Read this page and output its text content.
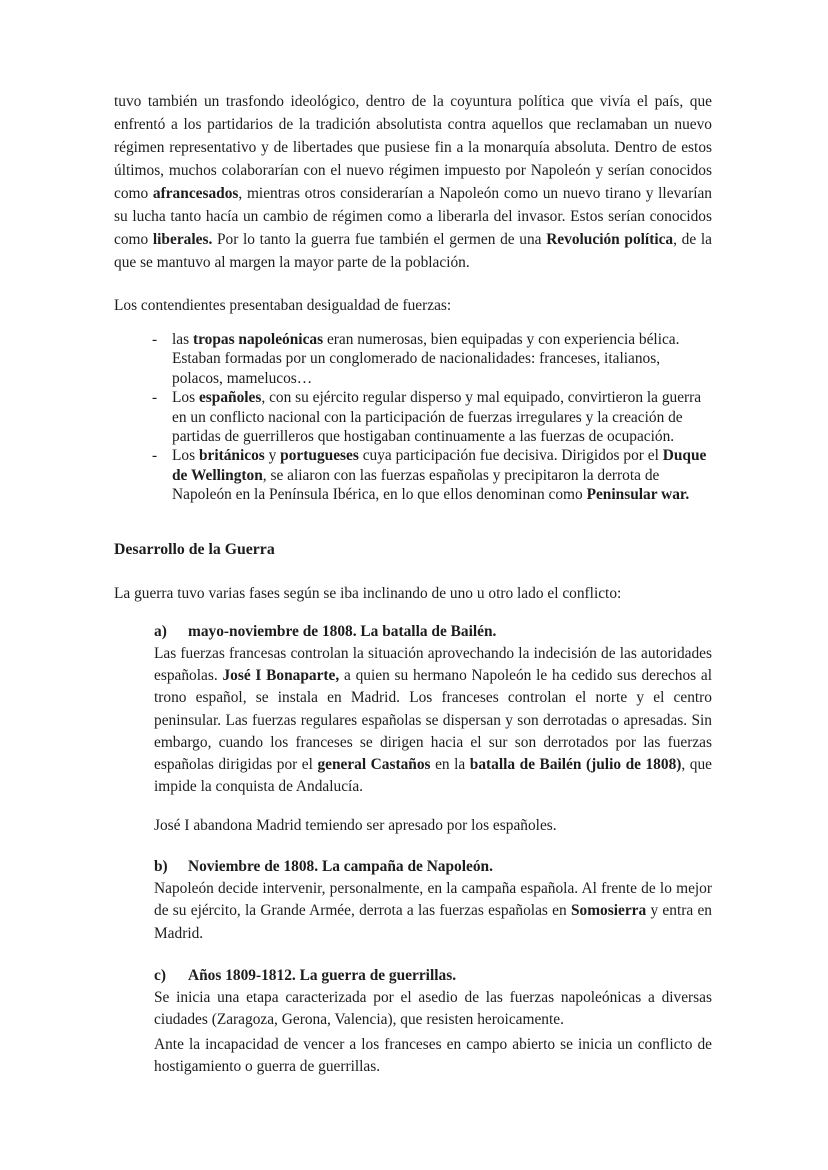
tuvo también un trasfondo ideológico, dentro de la coyuntura política que vivía el país, que enfrentó a los partidarios de la tradición absolutista contra aquellos que reclamaban un nuevo régimen representativo y de libertades que pusiese fin a la monarquía absoluta. Dentro de estos últimos, muchos colaborarían con el nuevo régimen impuesto por Napoleón y serían conocidos como afrancesados, mientras otros considerarían a Napoleón como un nuevo tirano y llevarían su lucha tanto hacía un cambio de régimen como a liberarla del invasor. Estos serían conocidos como liberales. Por lo tanto la guerra fue también el germen de una Revolución política, de la que se mantuvo al margen la mayor parte de la población.

Los contendientes presentaban desigualdad de fuerzas:

- las tropas napoleónicas eran numerosas, bien equipadas y con experiencia bélica. Estaban formadas por un conglomerado de nacionalidades: franceses, italianos, polacos, mamelucos…
- Los españoles, con su ejército regular disperso y mal equipado, convirtieron la guerra en un conflicto nacional con la participación de fuerzas irregulares y la creación de partidas de guerrilleros que hostigaban continuamente a las fuerzas de ocupación.
- Los británicos y portugueses cuya participación fue decisiva. Dirigidos por el Duque de Wellington, se aliaron con las fuerzas españolas y precipitaron la derrota de Napoleón en la Península Ibérica, en lo que ellos denominan como Peninsular war.
Desarrollo de la Guerra

La guerra tuvo varias fases según se iba inclinando de uno u otro lado el conflicto:

a) mayo-noviembre de 1808. La batalla de Bailén.

Las fuerzas francesas controlan la situación aprovechando la indecisión de las autoridades españolas. José I Bonaparte, a quien su hermano Napoleón le ha cedido sus derechos al trono español, se instala en Madrid. Los franceses controlan el norte y el centro peninsular. Las fuerzas regulares españolas se dispersan y son derrotadas o apresadas. Sin embargo, cuando los franceses se dirigen hacia el sur son derrotados por las fuerzas españolas dirigidas por el general Castaños en la batalla de Bailén (julio de 1808), que impide la conquista de Andalucía.

José I abandona Madrid temiendo ser apresado por los españoles.

b) Noviembre de 1808. La campaña de Napoleón.

Napoleón decide intervenir, personalmente, en la campaña española. Al frente de lo mejor de su ejército, la Grande Armée, derrota a las fuerzas españolas en Somosierra y entra en Madrid.

c) Años 1809-1812. La guerra de guerrillas.

Se inicia una etapa caracterizada por el asedio de las fuerzas napoleónicas a diversas ciudades (Zaragoza, Gerona, Valencia), que resisten heroicamente.

Ante la incapacidad de vencer a los franceses en campo abierto se inicia un conflicto de hostigamiento o guerra de guerrillas.
